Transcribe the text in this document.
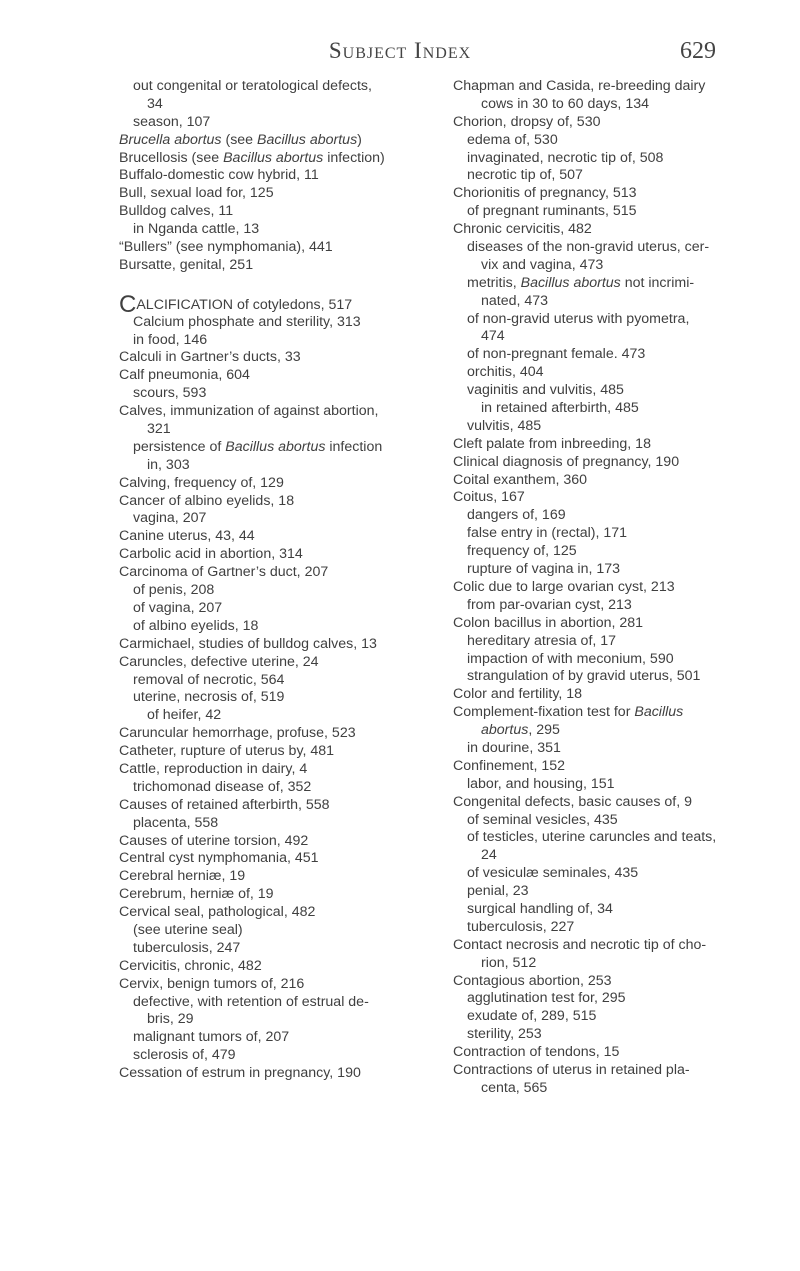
Subject Index	629
out congenital or teratological defects,
34
season, 107
Brucella abortus (see Bacillus abortus)
Brucellosis (see Bacillus abortus infection)
Buffalo-domestic cow hybrid, 11
Bull, sexual load for, 125
Bulldog calves, 11
in Nganda cattle, 13
“Bullers” (see nymphomania), 441
Bursatte, genital, 251
CALCIFICATION of cotyledons, 517
Calcium phosphate and sterility, 313
in food, 146
Calculi in Gartner’s ducts, 33
Calf pneumonia, 604
scours, 593
Calves, immunization of against abortion,
321
persistence of Bacillus abortus infection
in, 303
Calving, frequency of, 129
Cancer of albino eyelids, 18
vagina, 207
Canine uterus, 43, 44
Carbolic acid in abortion, 314
Carcinoma of Gartner’s duct, 207
of penis, 208
of vagina, 207
of albino eyelids, 18
Carmichael, studies of bulldog calves, 13
Caruncles, defective uterine, 24
removal of necrotic, 564
uterine, necrosis of, 519
of heifer, 42
Caruncular hemorrhage, profuse, 523
Catheter, rupture of uterus by, 481
Cattle, reproduction in dairy, 4
trichomonad disease of, 352
Causes of retained afterbirth, 558
placenta, 558
Causes of uterine torsion, 492
Central cyst nymphomania, 451
Cerebral herniæ, 19
Cerebrum, herniæ of, 19
Cervical seal, pathological, 482
(see uterine seal)
tuberculosis, 247
Cervicitis, chronic, 482
Cervix, benign tumors of, 216
defective, with retention of estrual de-
bris, 29
malignant tumors of, 207
sclerosis of, 479
Cessation of estrum in pregnancy, 190
Chapman and Casida, re-breeding dairy
cows in 30 to 60 days, 134
Chorion, dropsy of, 530
edema of, 530
invaginated, necrotic tip of, 508
necrotic tip of, 507
Chorionitis of pregnancy, 513
of pregnant ruminants, 515
Chronic cervicitis, 482
diseases of the non-gravid uterus, cer-
vix and vagina, 473
metritis, Bacillus abortus not incrimi-
nated, 473
of non-gravid uterus with pyometra,
474
of non-pregnant female. 473
orchitis, 404
vaginitis and vulvitis, 485
in retained afterbirth, 485
vulvitis, 485
Cleft palate from inbreeding, 18
Clinical diagnosis of pregnancy, 190
Coital exanthem, 360
Coitus, 167
dangers of, 169
false entry in (rectal), 171
frequency of, 125
rupture of vagina in, 173
Colic due to large ovarian cyst, 213
from par-ovarian cyst, 213
Colon bacillus in abortion, 281
hereditary atresia of, 17
impaction of with meconium, 590
strangulation of by gravid uterus, 501
Color and fertility, 18
Complement-fixation test for Bacillus
abortus, 295
in dourine, 351
Confinement, 152
labor, and housing, 151
Congenital defects, basic causes of, 9
of seminal vesicles, 435
of testicles, uterine caruncles and teats,
24
of vesiculæ seminales, 435
penial, 23
surgical handling of, 34
tuberculosis, 227
Contact necrosis and necrotic tip of cho-
rion, 512
Contagious abortion, 253
agglutination test for, 295
exudate of, 289, 515
sterility, 253
Contraction of tendons, 15
Contractions of uterus in retained pla-
centa, 565
